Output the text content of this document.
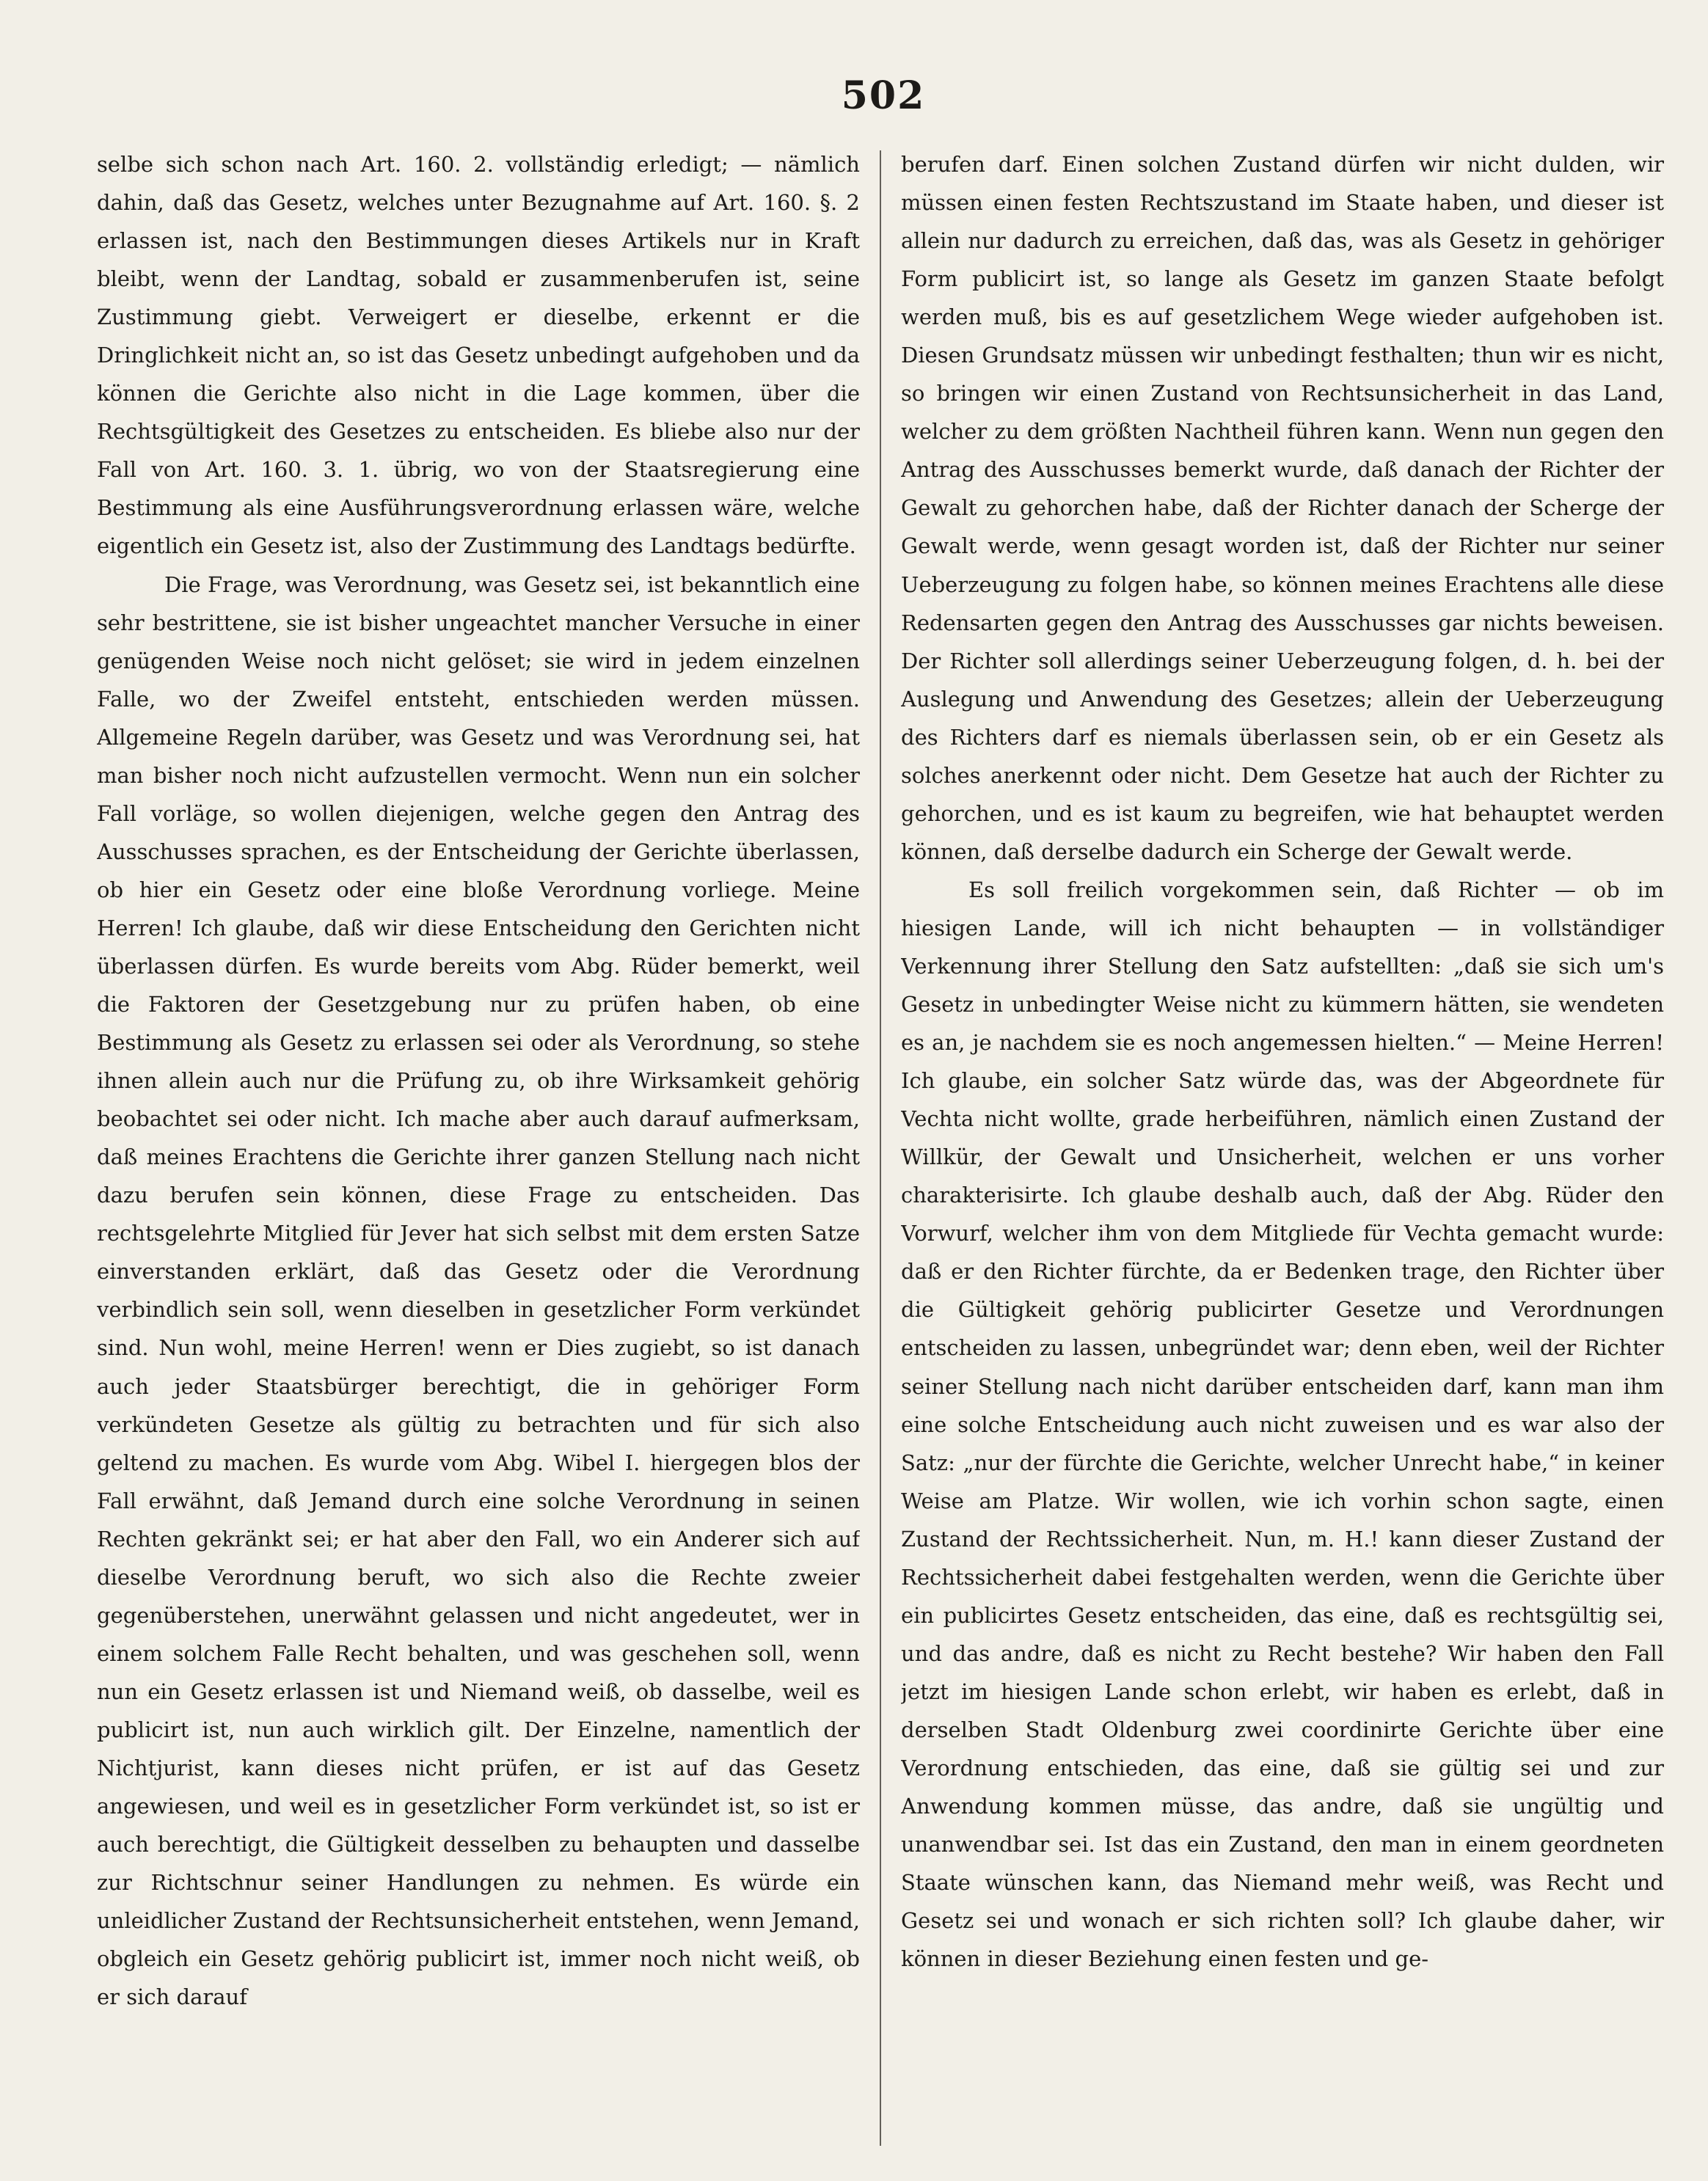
502

selbe sich schon nach Art. 160. 2. vollständig erledigt; — nämlich dahin, daß das Gesetz, welches unter Bezugnahme auf Art. 160. §. 2 erlassen ist, nach den Bestimmungen dieses Artikels nur in Kraft bleibt, wenn der Landtag, sobald er zusammenberufen ist, seine Zustimmung giebt. Verweigert er dieselbe, erkennt er die Dringlichkeit nicht an, so ist das Gesetz unbedingt aufgehoben und da können die Gerichte also nicht in die Lage kommen, über die Rechtsgültigkeit des Gesetzes zu entscheiden. Es bliebe also nur der Fall von Art. 160. 3. 1. übrig, wo von der Staatsregierung eine Bestimmung als eine Ausführungsverordnung erlassen wäre, welche eigentlich ein Gesetz ist, also der Zustimmung des Landtags bedürfte.

Die Frage, was Verordnung, was Gesetz sei, ist bekanntlich eine sehr bestrittene, sie ist bisher ungeachtet mancher Versuche in einer genügenden Weise noch nicht gelöset; sie wird in jedem einzelnen Falle, wo der Zweifel entsteht, entschieden werden müssen. Allgemeine Regeln darüber, was Gesetz und was Verordnung sei, hat man bisher noch nicht aufzustellen vermocht. Wenn nun ein solcher Fall vorläge, so wollen diejenigen, welche gegen den Antrag des Ausschusses sprachen, es der Entscheidung der Gerichte überlassen, ob hier ein Gesetz oder eine bloße Verordnung vorliege. Meine Herren! Ich glaube, daß wir diese Entscheidung den Gerichten nicht überlassen dürfen. Es wurde bereits vom Abg. Rüder bemerkt, weil die Faktoren der Gesetzgebung nur zu prüfen haben, ob eine Bestimmung als Gesetz zu erlassen sei oder als Verordnung, so stehe ihnen allein auch nur die Prüfung zu, ob ihre Wirksamkeit gehörig beobachtet sei oder nicht. Ich mache aber auch darauf aufmerksam, daß meines Erachtens die Gerichte ihrer ganzen Stellung nach nicht dazu berufen sein können, diese Frage zu entscheiden. Das rechtsgelehrte Mitglied für Jever hat sich selbst mit dem ersten Satze einverstanden erklärt, daß das Gesetz oder die Verordnung verbindlich sein soll, wenn dieselben in gesetzlicher Form verkündet sind. Nun wohl, meine Herren! wenn er Dies zugiebt, so ist danach auch jeder Staatsbürger berechtigt, die in gehöriger Form verkündeten Gesetze als gültig zu betrachten und für sich also geltend zu machen. Es wurde vom Abg. Wibel I. hiergegen blos der Fall erwähnt, daß Jemand durch eine solche Verordnung in seinen Rechten gekränkt sei; er hat aber den Fall, wo ein Anderer sich auf dieselbe Verordnung beruft, wo sich also die Rechte zweier gegenüberstehen, unerwähnt gelassen und nicht angedeutet, wer in einem solchem Falle Recht behalten, und was geschehen soll, wenn nun ein Gesetz erlassen ist und Niemand weiß, ob dasselbe, weil es publicirt ist, nun auch wirklich gilt. Der Einzelne, namentlich der Nichtjurist, kann dieses nicht prüfen, er ist auf das Gesetz angewiesen, und weil es in gesetzlicher Form verkündet ist, so ist er auch berechtigt, die Gültigkeit desselben zu behaupten und dasselbe zur Richtschnur seiner Handlungen zu nehmen. Es würde ein unleidlicher Zustand der Rechtsunsicherheit entstehen, wenn Jemand, obgleich ein Gesetz gehörig publicirt ist, immer noch nicht weiß, ob er sich darauf

berufen darf. Einen solchen Zustand dürfen wir nicht dulden, wir müssen einen festen Rechtszustand im Staate haben, und dieser ist allein nur dadurch zu erreichen, daß das, was als Gesetz in gehöriger Form publicirt ist, so lange als Gesetz im ganzen Staate befolgt werden muß, bis es auf gesetzlichem Wege wieder aufgehoben ist. Diesen Grundsatz müssen wir unbedingt festhalten; thun wir es nicht, so bringen wir einen Zustand von Rechtsunsicherheit in das Land, welcher zu dem größten Nachtheil führen kann. Wenn nun gegen den Antrag des Ausschusses bemerkt wurde, daß danach der Richter der Gewalt zu gehorchen habe, daß der Richter danach der Scherge der Gewalt werde, wenn gesagt worden ist, daß der Richter nur seiner Ueberzeugung zu folgen habe, so können meines Erachtens alle diese Redensarten gegen den Antrag des Ausschusses gar nichts beweisen. Der Richter soll allerdings seiner Ueberzeugung folgen, d. h. bei der Auslegung und Anwendung des Gesetzes; allein der Ueberzeugung des Richters darf es niemals überlassen sein, ob er ein Gesetz als solches anerkennt oder nicht. Dem Gesetze hat auch der Richter zu gehorchen, und es ist kaum zu begreifen, wie hat behauptet werden können, daß derselbe dadurch ein Scherge der Gewalt werde.

Es soll freilich vorgekommen sein, daß Richter — ob im hiesigen Lande, will ich nicht behaupten — in vollständiger Verkennung ihrer Stellung den Satz aufstellten: „daß sie sich um's Gesetz in unbedingter Weise nicht zu kümmern hätten, sie wendeten es an, je nachdem sie es noch angemessen hielten.“ — Meine Herren! Ich glaube, ein solcher Satz würde das, was der Abgeordnete für Vechta nicht wollte, grade herbeiführen, nämlich einen Zustand der Willkür, der Gewalt und Unsicherheit, welchen er uns vorher charakterisirte. Ich glaube deshalb auch, daß der Abg. Rüder den Vorwurf, welcher ihm von dem Mitgliede für Vechta gemacht wurde: daß er den Richter fürchte, da er Bedenken trage, den Richter über die Gültigkeit gehörig publicirter Gesetze und Verordnungen entscheiden zu lassen, unbegründet war; denn eben, weil der Richter seiner Stellung nach nicht darüber entscheiden darf, kann man ihm eine solche Entscheidung auch nicht zuweisen und es war also der Satz: „nur der fürchte die Gerichte, welcher Unrecht habe,“ in keiner Weise am Platze. Wir wollen, wie ich vorhin schon sagte, einen Zustand der Rechtssicherheit. Nun, m. H.! kann dieser Zustand der Rechtssicherheit dabei festgehalten werden, wenn die Gerichte über ein publicirtes Gesetz entscheiden, das eine, daß es rechtsgültig sei, und das andre, daß es nicht zu Recht bestehe? Wir haben den Fall jetzt im hiesigen Lande schon erlebt, wir haben es erlebt, daß in derselben Stadt Oldenburg zwei coordinirte Gerichte über eine Verordnung entschieden, das eine, daß sie gültig sei und zur Anwendung kommen müsse, das andre, daß sie ungültig und unanwendbar sei. Ist das ein Zustand, den man in einem geordneten Staate wünschen kann, das Niemand mehr weiß, was Recht und Gesetz sei und wonach er sich richten soll? Ich glaube daher, wir können in dieser Beziehung einen festen und ge-
